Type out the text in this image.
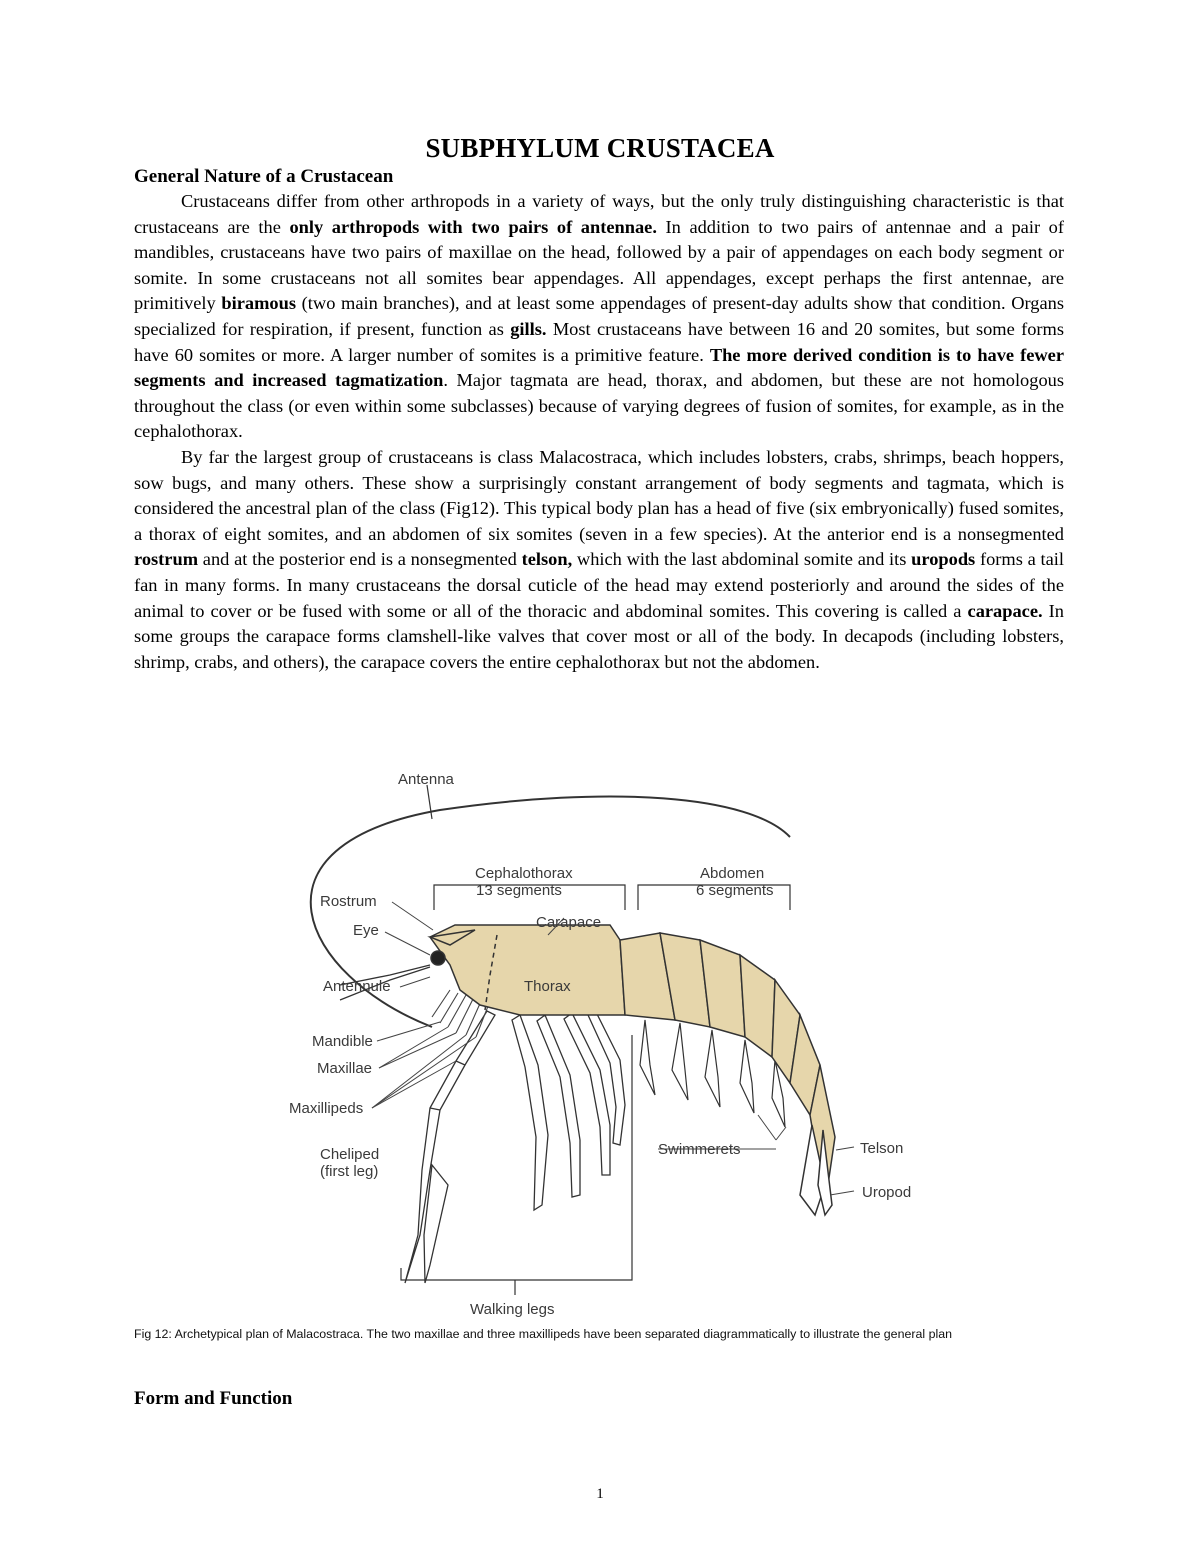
SUBPHYLUM CRUSTACEA
General Nature of a Crustacean

Crustaceans differ from other arthropods in a variety of ways, but the only truly distinguishing characteristic is that crustaceans are the only arthropods with two pairs of antennae. In addition to two pairs of antennae and a pair of mandibles, crustaceans have two pairs of maxillae on the head, followed by a pair of appendages on each body segment or somite. In some crustaceans not all somites bear appendages. All appendages, except perhaps the first antennae, are primitively biramous (two main branches), and at least some appendages of present-day adults show that condition. Organs specialized for respiration, if present, function as gills. Most crustaceans have between 16 and 20 somites, but some forms have 60 somites or more. A larger number of somites is a primitive feature. The more derived condition is to have fewer segments and increased tagmatization. Major tagmata are head, thorax, and abdomen, but these are not homologous throughout the class (or even within some subclasses) because of varying degrees of fusion of somites, for example, as in the cephalothorax.

By far the largest group of crustaceans is class Malacostraca, which includes lobsters, crabs, shrimps, beach hoppers, sow bugs, and many others. These show a surprisingly constant arrangement of body segments and tagmata, which is considered the ancestral plan of the class (Fig12). This typical body plan has a head of five (six embryonically) fused somites, a thorax of eight somites, and an abdomen of six somites (seven in a few species). At the anterior end is a nonsegmented rostrum and at the posterior end is a nonsegmented telson, which with the last abdominal somite and its uropods forms a tail fan in many forms. In many crustaceans the dorsal cuticle of the head may extend posteriorly and around the sides of the animal to cover or be fused with some or all of the thoracic and abdominal somites. This covering is called a carapace. In some groups the carapace forms clamshell-like valves that cover most or all of the body. In decapods (including lobsters, shrimp, crabs, and others), the carapace covers the entire cephalothorax but not the abdomen.

Antenna
Cephalothorax
13 segments
Abdomen
6 segments
Rostrum
Carapace
Eye
Antennule	Thorax
Mandible
Maxillae
Maxillipeds
Cheliped
(first leg)
Swimmerets	Telson
Uropod
Walking legs
Fig 12: Archetypical plan of Malacostraca. The two maxillae and three maxillipeds have been separated diagrammatically to illustrate the general plan
Form and Function
1
